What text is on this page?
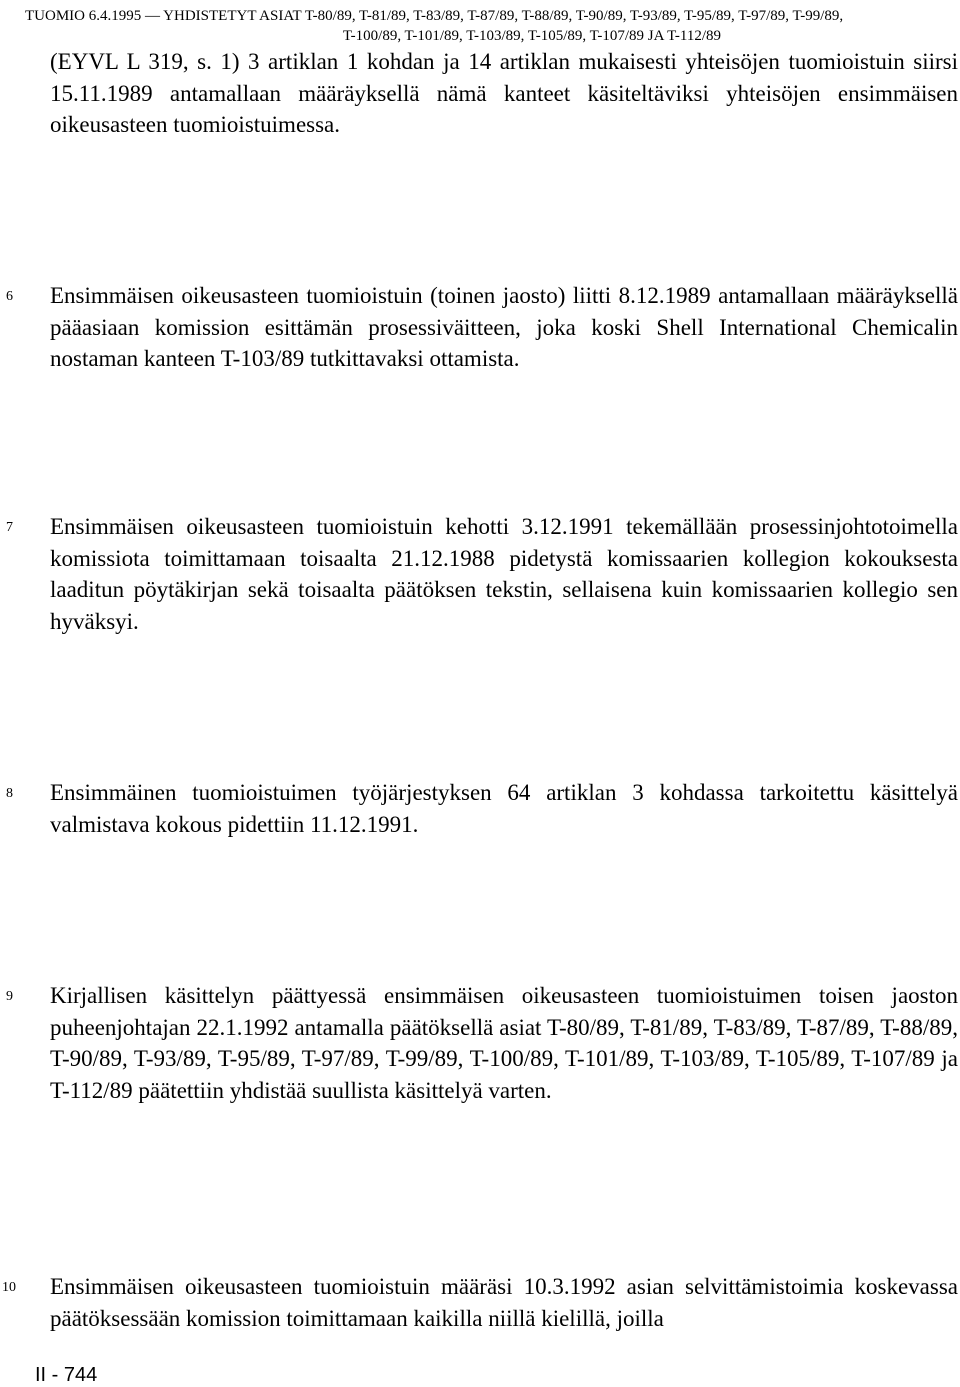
TUOMIO 6.4.1995 — YHDISTETYT ASIAT T-80/89, T-81/89, T-83/89, T-87/89, T-88/89, T-90/89, T-93/89, T-95/89, T-97/89, T-99/89,
T-100/89, T-101/89, T-103/89, T-105/89, T-107/89 JA T-112/89
(EYVL L 319, s. 1) 3 artiklan 1 kohdan ja 14 artiklan mukaisesti yhteisöjen tuomioistuin siirsi 15.11.1989 antamallaan määräyksellä nämä kanteet käsiteltäviksi yhteisöjen ensimmäisen oikeusasteen tuomioistuimessa.
6 Ensimmäisen oikeusasteen tuomioistuin (toinen jaosto) liitti 8.12.1989 antamallaan määräyksellä pääasiaan komission esittämän prosessiväitteen, joka koski Shell International Chemicalin nostaman kanteen T-103/89 tutkittavaksi ottamista.
7 Ensimmäisen oikeusasteen tuomioistuin kehotti 3.12.1991 tekemällään prosessinjohtotoimella komissiota toimittamaan toisaalta 21.12.1988 pidetystä komissaarien kollegion kokouksesta laaditun pöytäkirjan sekä toisaalta päätöksen tekstin, sellaisena kuin komissaarien kollegio sen hyväksyi.
8 Ensimmäinen tuomioistuimen työjärjestyksen 64 artiklan 3 kohdassa tarkoitettu käsittelyä valmistava kokous pidettiin 11.12.1991.
9 Kirjallisen käsittelyn päättyessä ensimmäisen oikeusasteen tuomioistuimen toisen jaoston puheenjohtajan 22.1.1992 antamalla päätöksellä asiat T-80/89, T-81/89, T-83/89, T-87/89, T-88/89, T-90/89, T-93/89, T-95/89, T-97/89, T-99/89, T-100/89, T-101/89, T-103/89, T-105/89, T-107/89 ja T-112/89 päätettiin yhdistää suullista käsittelyä varten.
10 Ensimmäisen oikeusasteen tuomioistuin määräsi 10.3.1992 asian selvittämistoimia koskevassa päätöksessään komission toimittamaan kaikilla niillä kielillä, joilla
II - 744
